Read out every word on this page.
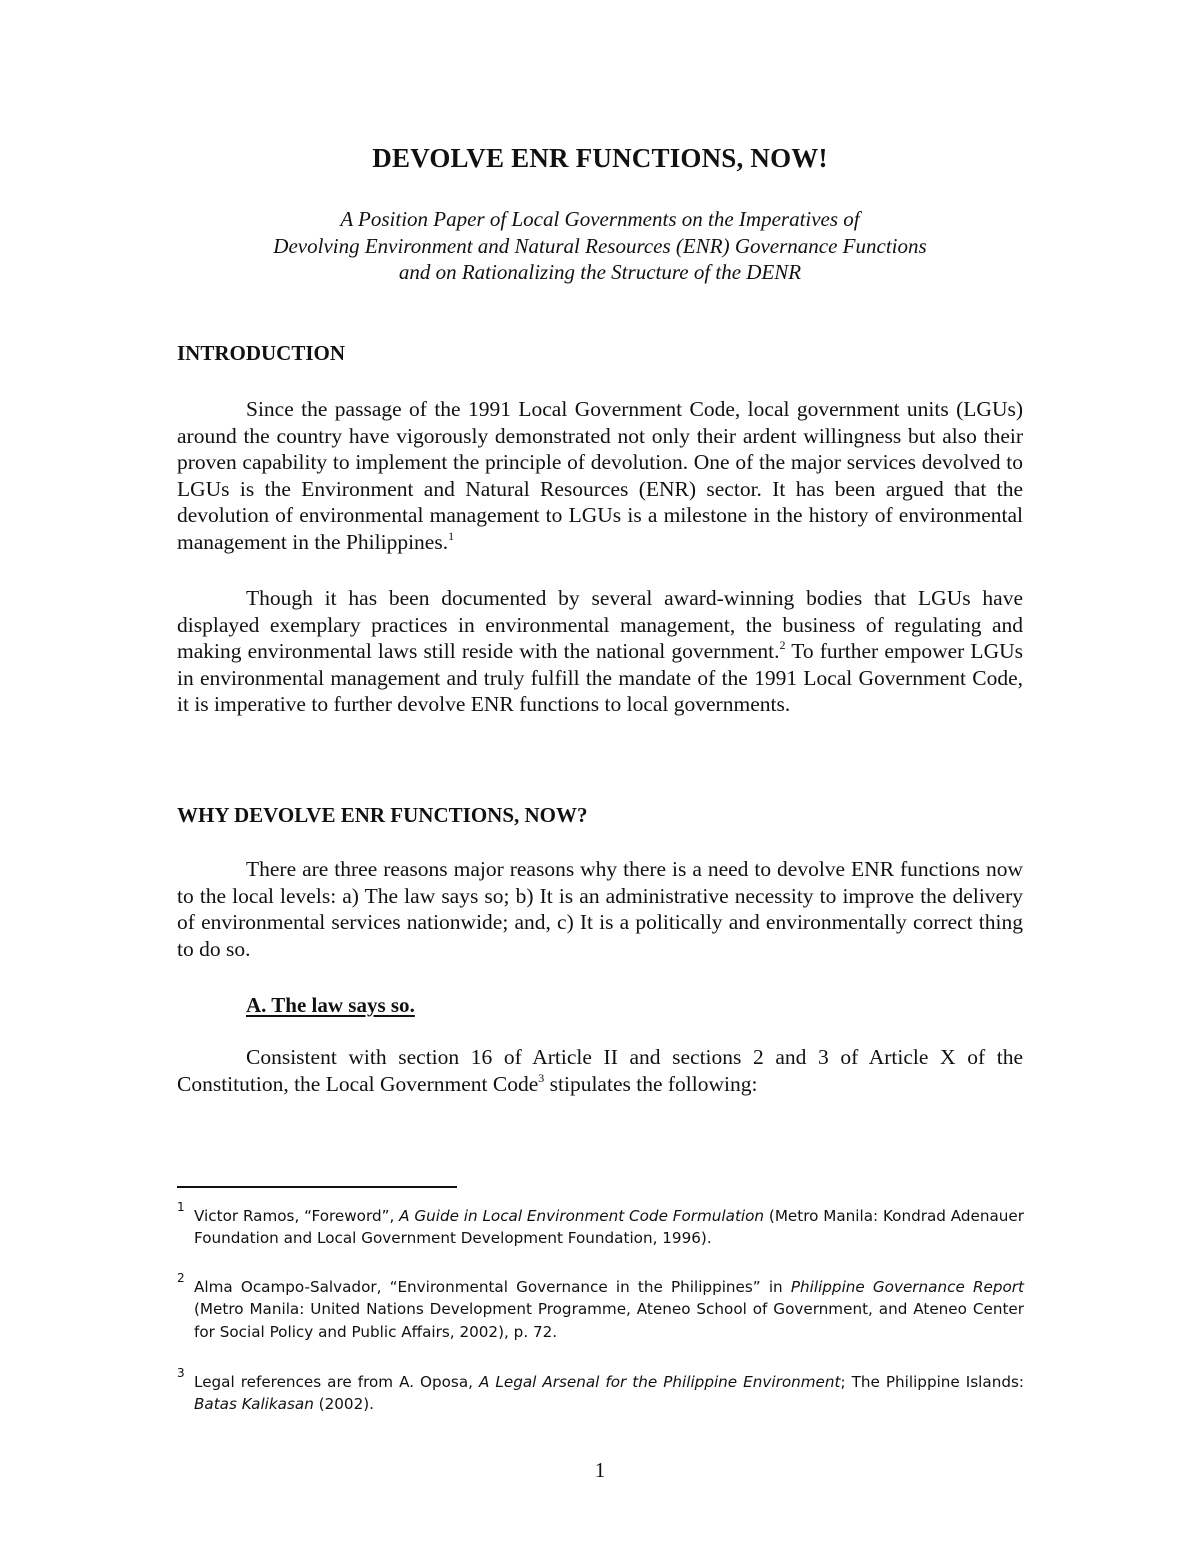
DEVOLVE ENR FUNCTIONS, NOW!
A Position Paper of Local Governments on the Imperatives of
Devolving Environment and Natural Resources (ENR) Governance Functions
and on Rationalizing the Structure of the DENR
INTRODUCTION
Since the passage of the 1991 Local Government Code, local government units (LGUs) around the country have vigorously demonstrated not only their ardent willingness but also their proven capability to implement the principle of devolution. One of the major services devolved to LGUs is the Environment and Natural Resources (ENR) sector. It has been argued that the devolution of environmental management to LGUs is a milestone in the history of environmental management in the Philippines.$^1$
Though it has been documented by several award-winning bodies that LGUs have displayed exemplary practices in environmental management, the business of regulating and making environmental laws still reside with the national government.$^2$ To further empower LGUs in environmental management and truly fulfill the mandate of the 1991 Local Government Code, it is imperative to further devolve ENR functions to local governments.
WHY DEVOLVE ENR FUNCTIONS, NOW?
There are three reasons major reasons why there is a need to devolve ENR functions now to the local levels: a) The law says so; b) It is an administrative necessity to improve the delivery of environmental services nationwide; and, c) It is a politically and environmentally correct thing to do so.
A. The law says so.
Consistent with section 16 of Article II and sections 2 and 3 of Article X of the Constitution, the Local Government Code$^3$ stipulates the following:
1 Victor Ramos, “Foreword”, A Guide in Local Environment Code Formulation (Metro Manila: Kondrad Adenauer Foundation and Local Government Development Foundation, 1996).
2 Alma Ocampo-Salvador, “Environmental Governance in the Philippines” in Philippine Governance Report (Metro Manila: United Nations Development Programme, Ateneo School of Government, and Ateneo Center for Social Policy and Public Affairs, 2002), p. 72.
3 Legal references are from A. Oposa, A Legal Arsenal for the Philippine Environment; The Philippine Islands: Batas Kalikasan (2002).
1
